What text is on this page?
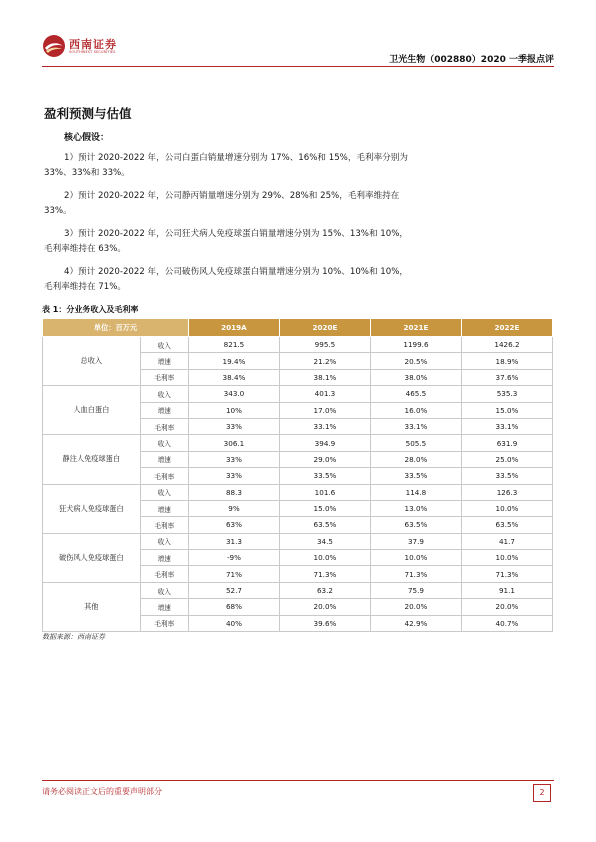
西南证券
SOUTHWEST SECURITIES
卫光生物（002880）2020 一季报点评
盈利预测与估值
核心假设：
1）预计 2020-2022 年，公司白蛋白销量增速分别为 17%、16%和 15%，毛利率分别为
33%、33%和 33%。
2）预计 2020-2022 年，公司静丙销量增速分别为 29%、28%和 25%，毛利率维持在
33%。
3）预计 2020-2022 年，公司狂犬病人免疫球蛋白销量增速分别为 15%、13%和 10%，
毛利率维持在 63%。
4）预计 2020-2022 年，公司破伤风人免疫球蛋白销量增速分别为 10%、10%和 10%，
毛利率维持在 71%。
表 1：分业务收入及毛利率
单位：百万元		2019A	2020E	2021E	2022E
总收入	收入	821.5	995.5	1199.6	1426.2
	增速	19.4%	21.2%	20.5%	18.9%
	毛利率	38.4%	38.1%	38.0%	37.6%
人血白蛋白	收入	343.0	401.3	465.5	535.3
	增速	10%	17.0%	16.0%	15.0%
	毛利率	33%	33.1%	33.1%	33.1%
静注人免疫球蛋白	收入	306.1	394.9	505.5	631.9
	增速	33%	29.0%	28.0%	25.0%
	毛利率	33%	33.5%	33.5%	33.5%
狂犬病人免疫球蛋白	收入	88.3	101.6	114.8	126.3
	增速	9%	15.0%	13.0%	10.0%
	毛利率	63%	63.5%	63.5%	63.5%
破伤风人免疫球蛋白	收入	31.3	34.5	37.9	41.7
	增速	-9%	10.0%	10.0%	10.0%
	毛利率	71%	71.3%	71.3%	71.3%
其他	收入	52.7	63.2	75.9	91.1
	增速	68%	20.0%	20.0%	20.0%
	毛利率	40%	39.6%	42.9%	40.7%
数据来源：西南证券
请务必阅读正文后的重要声明部分	2
